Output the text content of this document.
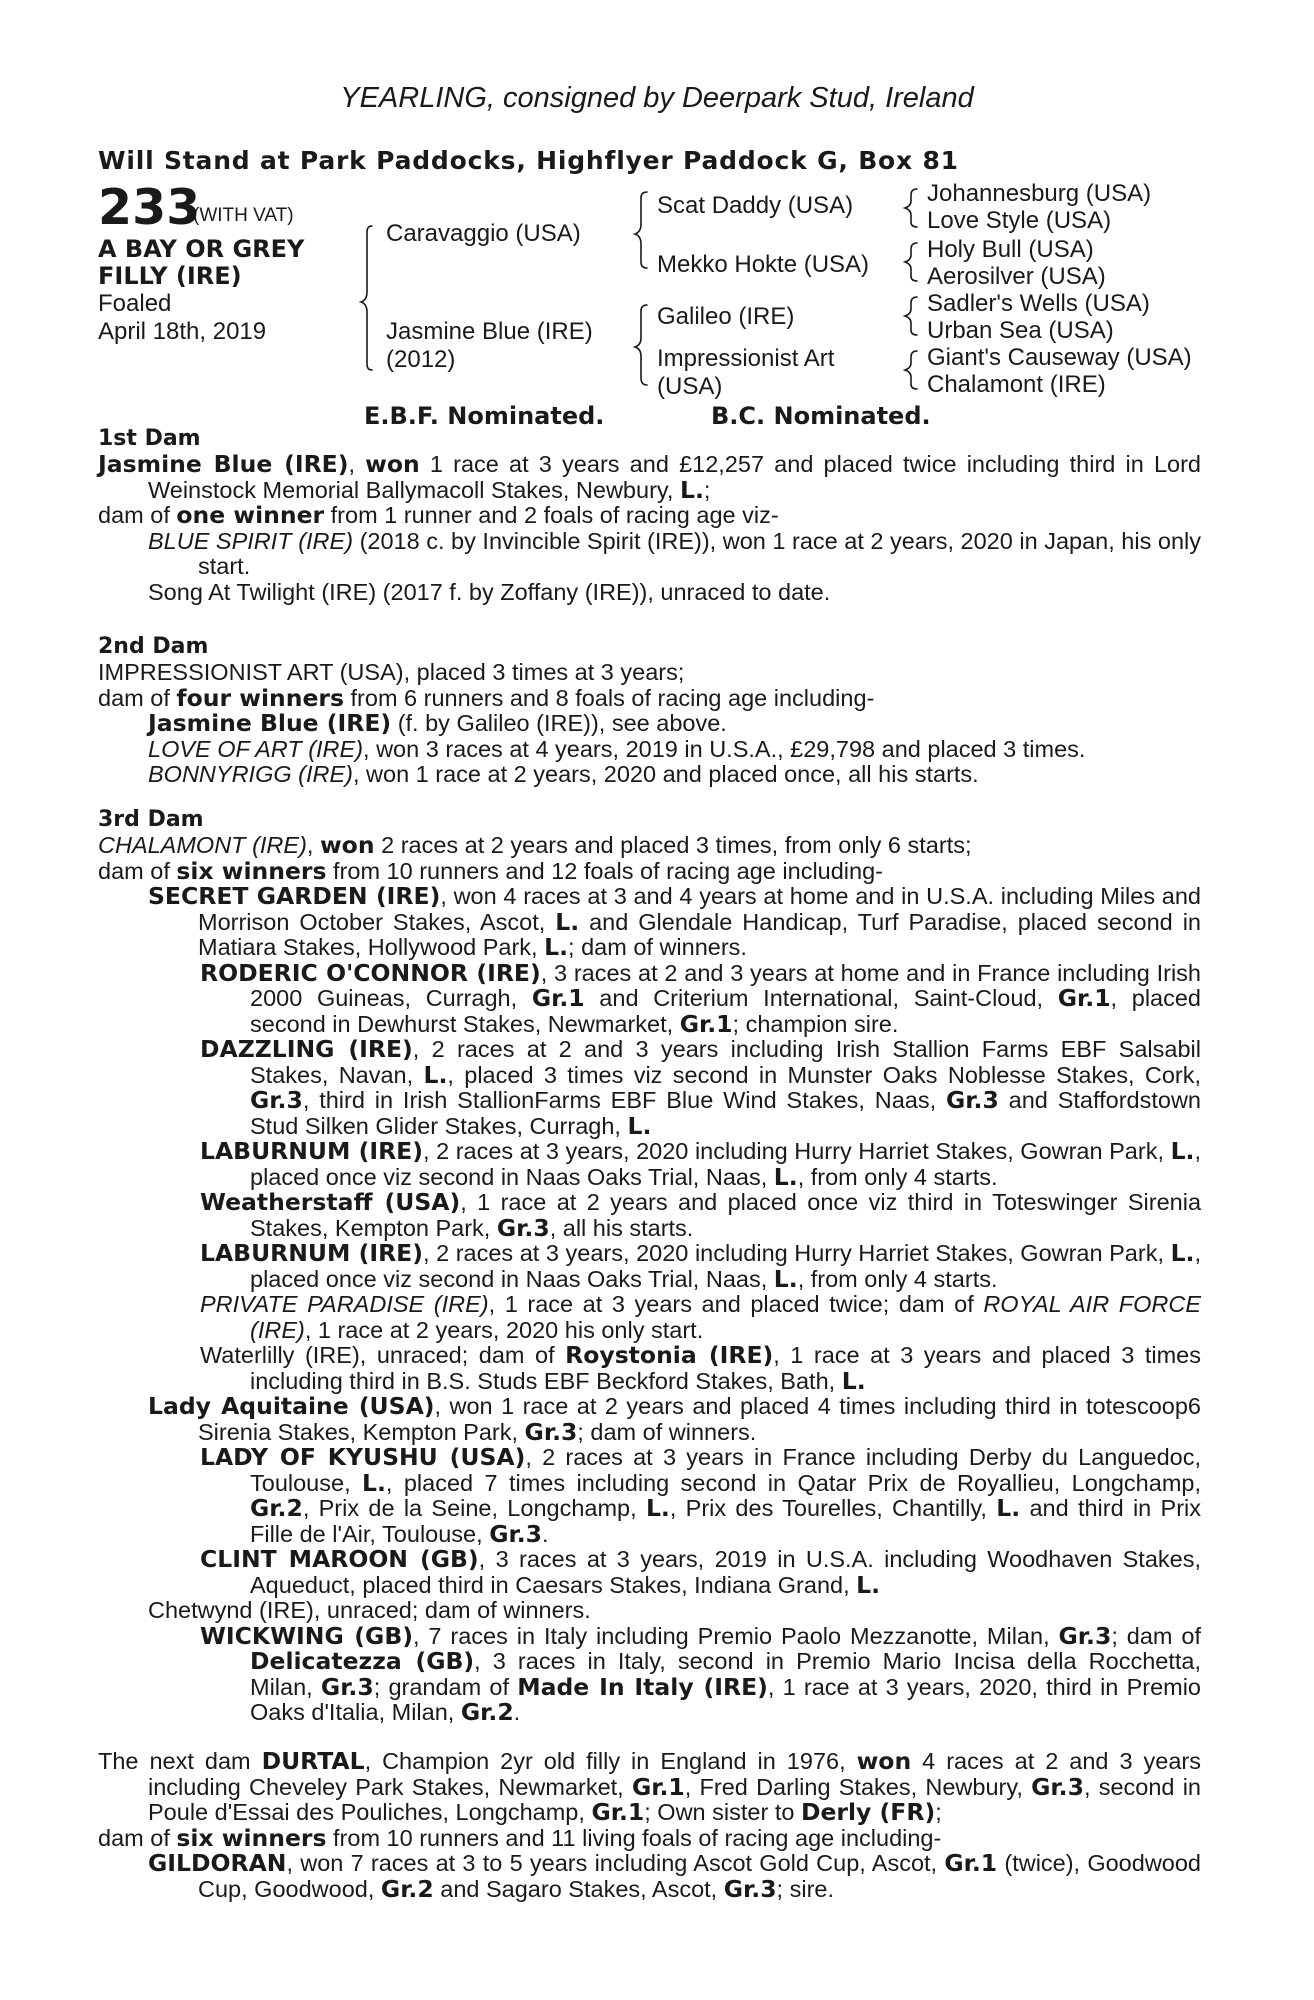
YEARLING, consigned by Deerpark Stud, Ireland
Will Stand at Park Paddocks, Highflyer Paddock G, Box 81
233
(WITH VAT)
A BAY OR GREY
FILLY (IRE)
Foaled
April 18th, 2019
Caravaggio (USA)
Jasmine Blue (IRE)
(2012)
Scat Daddy (USA)
Mekko Hokte (USA)
Galileo (IRE)
Impressionist Art
(USA)
Johannesburg (USA)
Love Style (USA)
Holy Bull (USA)
Aerosilver (USA)
Sadler's Wells (USA)
Urban Sea (USA)
Giant's Causeway (USA)
Chalamont (IRE)
E.B.F. Nominated.	B.C. Nominated.
1st Dam

Jasmine Blue (IRE), won 1 race at 3 years and £12,257 and placed twice including third in Lord Weinstock Memorial Ballymacoll Stakes, Newbury, L.;

dam of one winner from 1 runner and 2 foals of racing age viz-

BLUE SPIRIT (IRE) (2018 c. by Invincible Spirit (IRE)), won 1 race at 2 years, 2020 in Japan, his only start.

Song At Twilight (IRE) (2017 f. by Zoffany (IRE)), unraced to date.

2nd Dam

IMPRESSIONIST ART (USA), placed 3 times at 3 years;

dam of four winners from 6 runners and 8 foals of racing age including-

Jasmine Blue (IRE) (f. by Galileo (IRE)), see above.

LOVE OF ART (IRE), won 3 races at 4 years, 2019 in U.S.A., £29,798 and placed 3 times.

BONNYRIGG (IRE), won 1 race at 2 years, 2020 and placed once, all his starts.

3rd Dam

CHALAMONT (IRE), won 2 races at 2 years and placed 3 times, from only 6 starts;

dam of six winners from 10 runners and 12 foals of racing age including-

SECRET GARDEN (IRE), won 4 races at 3 and 4 years at home and in U.S.A. including Miles and Morrison October Stakes, Ascot, L. and Glendale Handicap, Turf Paradise, placed second in Matiara Stakes, Hollywood Park, L.; dam of winners.

RODERIC O'CONNOR (IRE), 3 races at 2 and 3 years at home and in France including Irish 2000 Guineas, Curragh, Gr.1 and Criterium International, Saint-Cloud, Gr.1, placed second in Dewhurst Stakes, Newmarket, Gr.1; champion sire.

DAZZLING (IRE), 2 races at 2 and 3 years including Irish Stallion Farms EBF Salsabil Stakes, Navan, L., placed 3 times viz second in Munster Oaks Noblesse Stakes, Cork, Gr.3, third in Irish StallionFarms EBF Blue Wind Stakes, Naas, Gr.3 and Staffordstown Stud Silken Glider Stakes, Curragh, L.

LABURNUM (IRE), 2 races at 3 years, 2020 including Hurry Harriet Stakes, Gowran Park, L., placed once viz second in Naas Oaks Trial, Naas, L., from only 4 starts.

Weatherstaff (USA), 1 race at 2 years and placed once viz third in Toteswinger Sirenia Stakes, Kempton Park, Gr.3, all his starts.

LABURNUM (IRE), 2 races at 3 years, 2020 including Hurry Harriet Stakes, Gowran Park, L., placed once viz second in Naas Oaks Trial, Naas, L., from only 4 starts.

PRIVATE PARADISE (IRE), 1 race at 3 years and placed twice; dam of ROYAL AIR FORCE (IRE), 1 race at 2 years, 2020 his only start.

Waterlilly (IRE), unraced; dam of Roystonia (IRE), 1 race at 3 years and placed 3 times including third in B.S. Studs EBF Beckford Stakes, Bath, L.

Lady Aquitaine (USA), won 1 race at 2 years and placed 4 times including third in totescoop6 Sirenia Stakes, Kempton Park, Gr.3; dam of winners.

LADY OF KYUSHU (USA), 2 races at 3 years in France including Derby du Languedoc, Toulouse, L., placed 7 times including second in Qatar Prix de Royallieu, Longchamp, Gr.2, Prix de la Seine, Longchamp, L., Prix des Tourelles, Chantilly, L. and third in Prix Fille de l'Air, Toulouse, Gr.3.

CLINT MAROON (GB), 3 races at 3 years, 2019 in U.S.A. including Woodhaven Stakes, Aqueduct, placed third in Caesars Stakes, Indiana Grand, L.

Chetwynd (IRE), unraced; dam of winners.

WICKWING (GB), 7 races in Italy including Premio Paolo Mezzanotte, Milan, Gr.3; dam of Delicatezza (GB), 3 races in Italy, second in Premio Mario Incisa della Rocchetta, Milan, Gr.3; grandam of Made In Italy (IRE), 1 race at 3 years, 2020, third in Premio Oaks d'Italia, Milan, Gr.2.

The next dam DURTAL, Champion 2yr old filly in England in 1976, won 4 races at 2 and 3 years including Cheveley Park Stakes, Newmarket, Gr.1, Fred Darling Stakes, Newbury, Gr.3, second in Poule d'Essai des Pouliches, Longchamp, Gr.1; Own sister to Derly (FR);

dam of six winners from 10 runners and 11 living foals of racing age including-

GILDORAN, won 7 races at 3 to 5 years including Ascot Gold Cup, Ascot, Gr.1 (twice), Goodwood Cup, Goodwood, Gr.2 and Sagaro Stakes, Ascot, Gr.3; sire.
